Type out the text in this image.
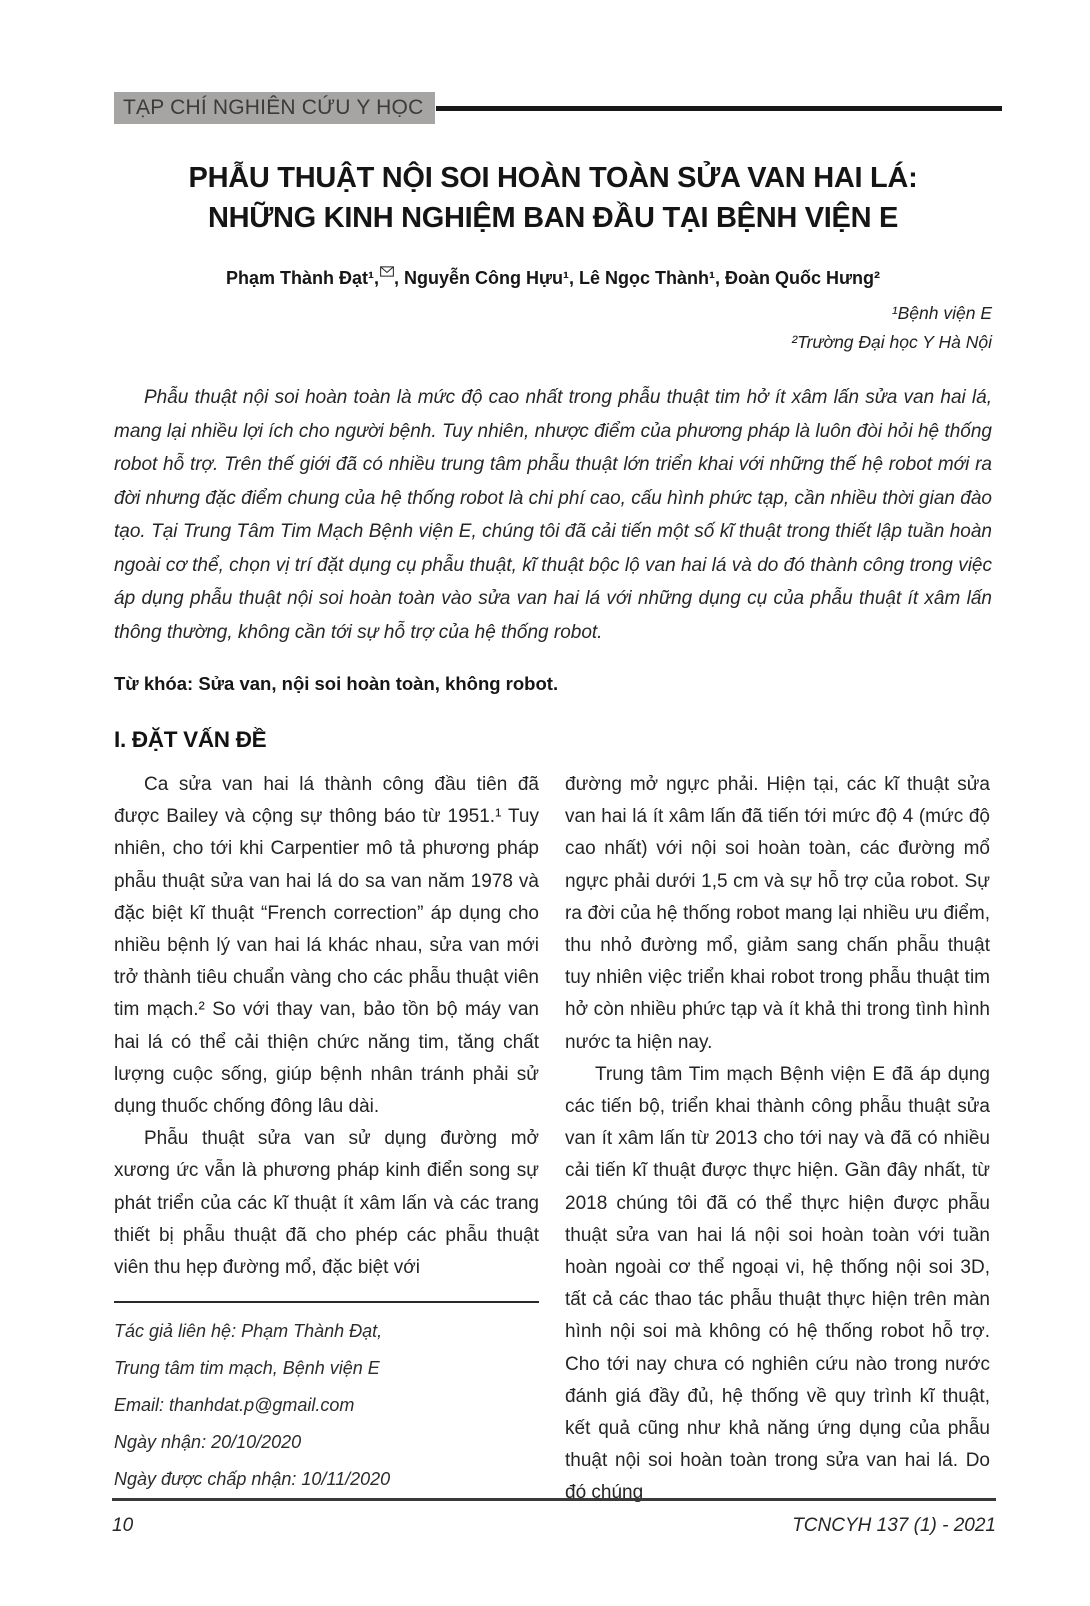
TẠP CHÍ NGHIÊN CỨU Y HỌC
PHẪU THUẬT NỘI SOI HOÀN TOÀN SỬA VAN HAI LÁ:
NHỮNG KINH NGHIỆM BAN ĐẦU TẠI BỆNH VIỆN E
Phạm Thành Đạt¹, , Nguyễn Công Hựu¹, Lê Ngọc Thành¹, Đoàn Quốc Hưng²
¹Bệnh viện E
²Trường Đại học Y Hà Nội

Phẫu thuật nội soi hoàn toàn là mức độ cao nhất trong phẫu thuật tim hở ít xâm lấn sửa van hai lá, mang lại nhiều lợi ích cho người bệnh. Tuy nhiên, nhược điểm của phương pháp là luôn đòi hỏi hệ thống robot hỗ trợ. Trên thế giới đã có nhiều trung tâm phẫu thuật lớn triển khai với những thế hệ robot mới ra đời nhưng đặc điểm chung của hệ thống robot là chi phí cao, cấu hình phức tạp, cần nhiều thời gian đào tạo. Tại Trung Tâm Tim Mạch Bệnh viện E, chúng tôi đã cải tiến một số kĩ thuật trong thiết lập tuần hoàn ngoài cơ thể, chọn vị trí đặt dụng cụ phẫu thuật, kĩ thuật bộc lộ van hai lá và do đó thành công trong việc áp dụng phẫu thuật nội soi hoàn toàn vào sửa van hai lá với những dụng cụ của phẫu thuật ít xâm lấn thông thường, không cần tới sự hỗ trợ của hệ thống robot.

Từ khóa: Sửa van, nội soi hoàn toàn, không robot.

I. ĐẶT VẤN ĐỀ

Ca sửa van hai lá thành công đầu tiên đã được Bailey và cộng sự thông báo từ 1951.¹ Tuy nhiên, cho tới khi Carpentier mô tả phương pháp phẫu thuật sửa van hai lá do sa van năm 1978 và đặc biệt kĩ thuật “French correction” áp dụng cho nhiều bệnh lý van hai lá khác nhau, sửa van mới trở thành tiêu chuẩn vàng cho các phẫu thuật viên tim mạch.² So với thay van, bảo tồn bộ máy van hai lá có thể cải thiện chức năng tim, tăng chất lượng cuộc sống, giúp bệnh nhân tránh phải sử dụng thuốc chống đông lâu dài.

Phẫu thuật sửa van sử dụng đường mở xương ức vẫn là phương pháp kinh điển song sự phát triển của các kĩ thuật ít xâm lấn và các trang thiết bị phẫu thuật đã cho phép các phẫu thuật viên thu hẹp đường mổ, đặc biệt với

Tác giả liên hệ: Phạm Thành Đạt,
Trung tâm tim mạch, Bệnh viện E
Email: thanhdat.p@gmail.com
Ngày nhận: 20/10/2020
Ngày được chấp nhận: 10/11/2020

đường mở ngực phải. Hiện tại, các kĩ thuật sửa van hai lá ít xâm lấn đã tiến tới mức độ 4 (mức độ cao nhất) với nội soi hoàn toàn, các đường mổ ngực phải dưới 1,5 cm và sự hỗ trợ của robot. Sự ra đời của hệ thống robot mang lại nhiều ưu điểm, thu nhỏ đường mổ, giảm sang chấn phẫu thuật tuy nhiên việc triển khai robot trong phẫu thuật tim hở còn nhiều phức tạp và ít khả thi trong tình hình nước ta hiện nay.

Trung tâm Tim mạch Bệnh viện E đã áp dụng các tiến bộ, triển khai thành công phẫu thuật sửa van ít xâm lấn từ 2013 cho tới nay và đã có nhiều cải tiến kĩ thuật được thực hiện. Gần đây nhất, từ 2018 chúng tôi đã có thể thực hiện được phẫu thuật sửa van hai lá nội soi hoàn toàn với tuần hoàn ngoài cơ thể ngoại vi, hệ thống nội soi 3D, tất cả các thao tác phẫu thuật thực hiện trên màn hình nội soi mà không có hệ thống robot hỗ trợ. Cho tới nay chưa có nghiên cứu nào trong nước đánh giá đầy đủ, hệ thống về quy trình kĩ thuật, kết quả cũng như khả năng ứng dụng của phẫu thuật nội soi hoàn toàn trong sửa van hai lá. Do đó chúng

10	TCNCYH 137 (1) - 2021
